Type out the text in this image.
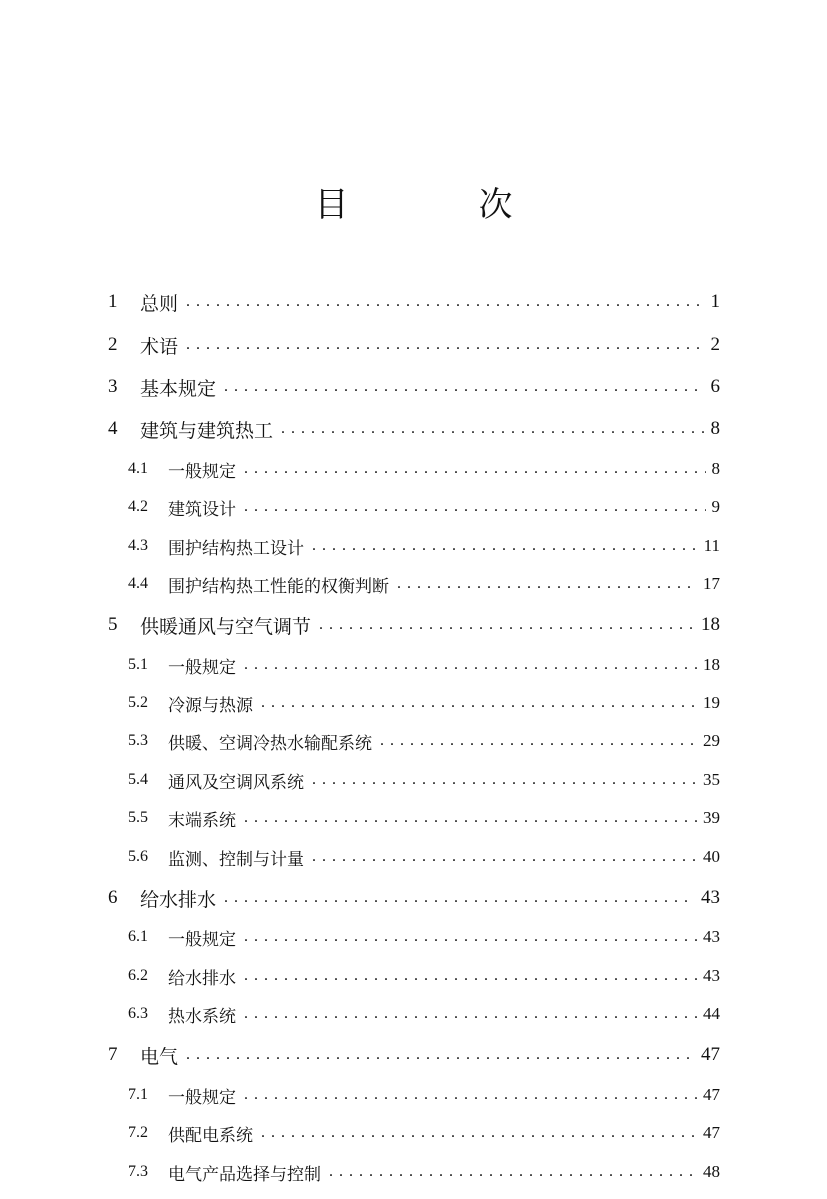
目　次
1	总则 . . .	1
2	术语 . . .	2
3	基本规定 . . .	6
4	建筑与建筑热工 . . .	8
4.1	一般规定 . . .	8
4.2	建筑设计 . . .	9
4.3	围护结构热工设计 . . .	11
4.4	围护结构热工性能的权衡判断 . . .	17
5	供暖通风与空气调节 . . .	18
5.1	一般规定 . . .	18
5.2	冷源与热源 . . .	19
5.3	供暖、空调冷热水输配系统 . . .	29
5.4	通风及空调风系统 . . .	35
5.5	末端系统 . . .	39
5.6	监测、控制与计量 . . .	40
6	给水排水 . . .	43
6.1	一般规定 . . .	43
6.2	给水排水 . . .	43
6.3	热水系统 . . .	44
7	电气 . . .	47
7.1	一般规定 . . .	47
7.2	供配电系统 . . .	47
7.3	电气产品选择与控制 . . .	48
